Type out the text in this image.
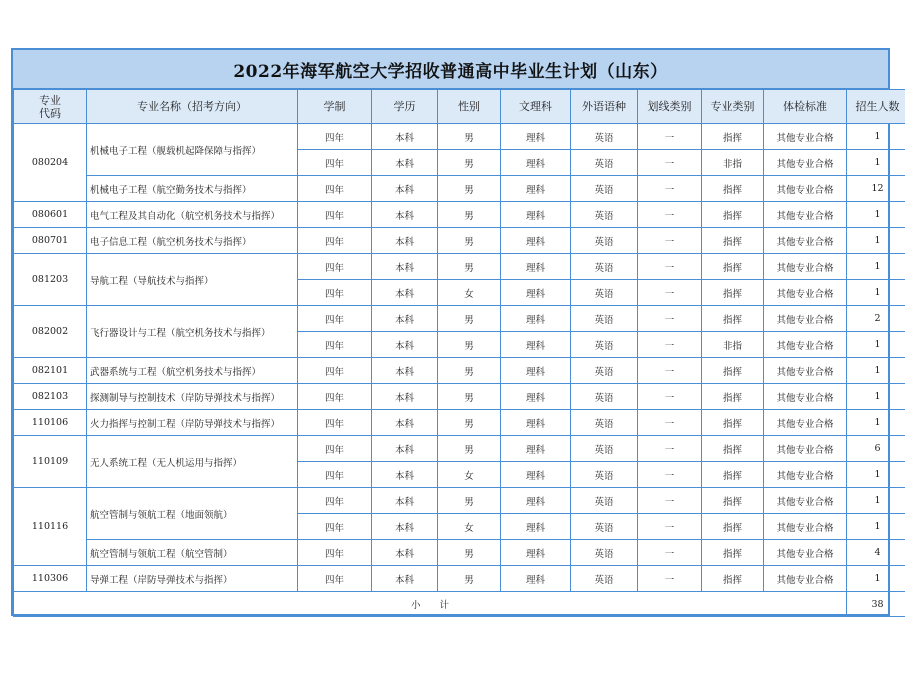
2022年海军航空大学招收普通高中毕业生计划（山东）
专业
代码	专业名称（招考方向）	学制	学历	性别	文理科	外语语种	划线类别	专业类别	体检标准	招生人数
080204	机械电子工程（舰载机起降保障与指挥）	四年	本科	男	理科	英语	一	指挥	其他专业合格	1
		四年	本科	男	理科	英语	一	非指	其他专业合格	1
	机械电子工程（航空勤务技术与指挥）	四年	本科	男	理科	英语	一	指挥	其他专业合格	12
080601	电气工程及其自动化（航空机务技术与指挥）	四年	本科	男	理科	英语	一	指挥	其他专业合格	1
080701	电子信息工程（航空机务技术与指挥）	四年	本科	男	理科	英语	一	指挥	其他专业合格	1
081203	导航工程（导航技术与指挥）	四年	本科	男	理科	英语	一	指挥	其他专业合格	1
		四年	本科	女	理科	英语	一	指挥	其他专业合格	1
082002	飞行器设计与工程（航空机务技术与指挥）	四年	本科	男	理科	英语	一	指挥	其他专业合格	2
		四年	本科	男	理科	英语	一	非指	其他专业合格	1
082101	武器系统与工程（航空机务技术与指挥）	四年	本科	男	理科	英语	一	指挥	其他专业合格	1
082103	探测制导与控制技术（岸防导弹技术与指挥）	四年	本科	男	理科	英语	一	指挥	其他专业合格	1
110106	火力指挥与控制工程（岸防导弹技术与指挥）	四年	本科	男	理科	英语	一	指挥	其他专业合格	1
110109	无人系统工程（无人机运用与指挥）	四年	本科	男	理科	英语	一	指挥	其他专业合格	6
		四年	本科	女	理科	英语	一	指挥	其他专业合格	1
110116	航空管制与领航工程（地面领航）	四年	本科	男	理科	英语	一	指挥	其他专业合格	1
		四年	本科	女	理科	英语	一	指挥	其他专业合格	1
	航空管制与领航工程（航空管制）	四年	本科	男	理科	英语	一	指挥	其他专业合格	4
110306	导弹工程（岸防导弹技术与指挥）	四年	本科	男	理科	英语	一	指挥	其他专业合格	1
小　　计										38
